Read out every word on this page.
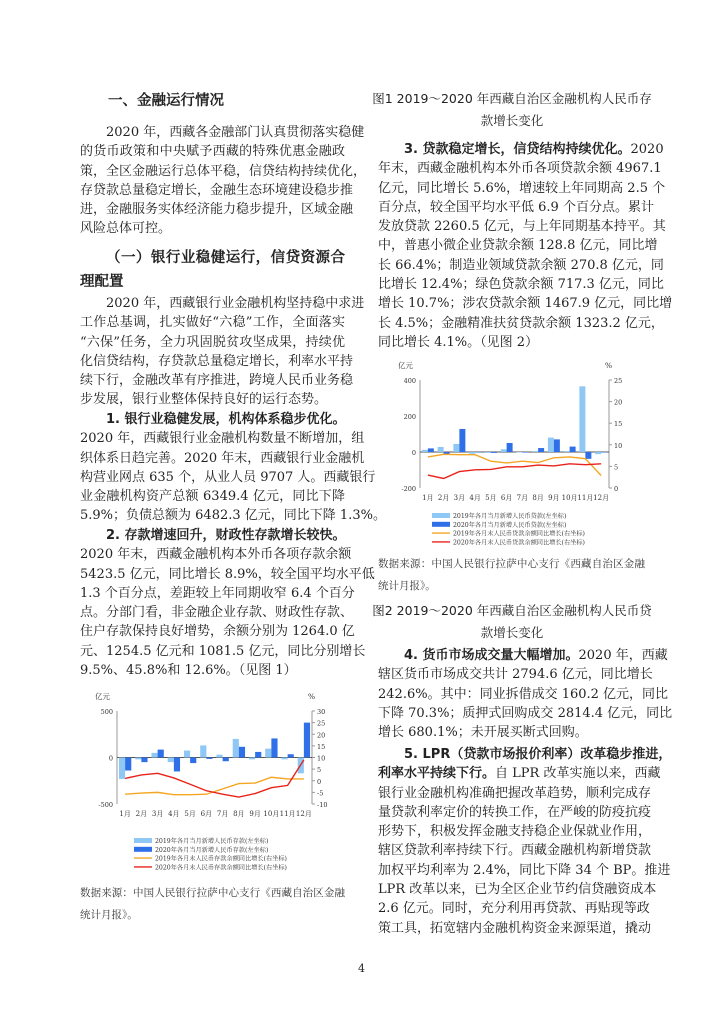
一、金融运行情况
2020 年，西藏各金融部门认真贯彻落实稳健
的货币政策和中央赋予西藏的特殊优惠金融政
策，全区金融运行总体平稳，信贷结构持续优化，
存贷款总量稳定增长，金融生态环境建设稳步推
进，金融服务实体经济能力稳步提升，区域金融
风险总体可控。
（一）银行业稳健运行，信贷资源合
理配置
2020 年，西藏银行业金融机构坚持稳中求进
工作总基调，扎实做好“六稳”工作，全面落实
“六保”任务，全力巩固脱贫攻坚成果，持续优
化信贷结构，存贷款总量稳定增长，利率水平持
续下行，金融改革有序推进，跨境人民币业务稳
步发展，银行业整体保持良好的运行态势。
1. 银行业稳健发展，机构体系稳步优化。
2020 年，西藏银行业金融机构数量不断增加，组
织体系日趋完善。2020 年末，西藏银行业金融机
构营业网点 635 个，从业人员 9707 人。西藏银行
业金融机构资产总额 6349.4 亿元，同比下降
5.9%；负债总额为 6482.3 亿元，同比下降 1.3%。
2. 存款增速回升，财政性存款增长较快。
2020 年末，西藏金融机构本外币各项存款余额
5423.5 亿元，同比增长 8.9%，较全国平均水平低
1.3 个百分点，差距较上年同期收窄 6.4 个百分
点。分部门看，非金融企业存款、财政性存款、
住户存款保持良好增势，余额分别为 1264.0 亿
元、1254.5 亿元和 1081.5 亿元，同比分别增长
9.5%、45.8%和 12.6%。（见图 1）
亿元	%
500
0
-500
30
25
20
15
10
5
0
-5
-10
1月 2月 3月 4月 5月 6月 7月 8月 9月 10月 11月 12月
2019年各月当月新增人民币存款(左坐标)
2020年各月当月新增人民币存款(左坐标)
2019年各月末人民币存款余额同比增长(右坐标)
2020年各月末人民币存款余额同比增长(右坐标)
数据来源：中国人民银行拉萨中心支行《西藏自治区金融
统计月报》。
图1 2019～2020 年西藏自治区金融机构人民币存
款增长变化
3. 贷款稳定增长，信贷结构持续优化。2020
年末，西藏金融机构本外币各项贷款余额 4967.1
亿元，同比增长 5.6%，增速较上年同期高 2.5 个
百分点，较全国平均水平低 6.9 个百分点。累计
发放贷款 2260.5 亿元，与上年同期基本持平。其
中，普惠小微企业贷款余额 128.8 亿元，同比增
长 66.4%；制造业领域贷款余额 270.8 亿元，同
比增长 12.4%；绿色贷款余额 717.3 亿元，同比
增长 10.7%；涉农贷款余额 1467.9 亿元，同比增
长 4.5%；金融精准扶贫贷款余额 1323.2 亿元，
同比增长 4.1%。（见图 2）
亿元	%
400
200
0
-200
25
20
15
10
5
0
1月 2月 3月 4月 5月 6月 7月 8月 9月 10月 11月 12月
2019年各月当月新增人民币贷款(左坐标)
2020年各月当月新增人民币贷款(左坐标)
2019年各月末人民币贷款余额同比增长(右坐标)
2020年各月末人民币贷款余额同比增长(右坐标)
数据来源：中国人民银行拉萨中心支行《西藏自治区金融
统计月报》。
图2 2019～2020 年西藏自治区金融机构人民币贷
款增长变化
4. 货币市场成交量大幅增加。2020 年，西藏
辖区货币市场成交共计 2794.6 亿元，同比增长
242.6%。其中：同业拆借成交 160.2 亿元，同比
下降 70.3%；质押式回购成交 2814.4 亿元，同比
增长 680.1%；未开展买断式回购。
5. LPR（贷款市场报价利率）改革稳步推进，
利率水平持续下行。自 LPR 改革实施以来，西藏
银行业金融机构准确把握改革趋势，顺利完成存
量贷款利率定价的转换工作，在严峻的防疫抗疫
形势下，积极发挥金融支持稳企业保就业作用，
辖区贷款利率持续下行。西藏金融机构新增贷款
加权平均利率为 2.4%，同比下降 34 个 BP。推进
LPR 改革以来，已为全区企业节约信贷融资成本
2.6 亿元。同时，充分利用再贷款、再贴现等政
策工具，拓宽辖内金融机构资金来源渠道，撬动
4
